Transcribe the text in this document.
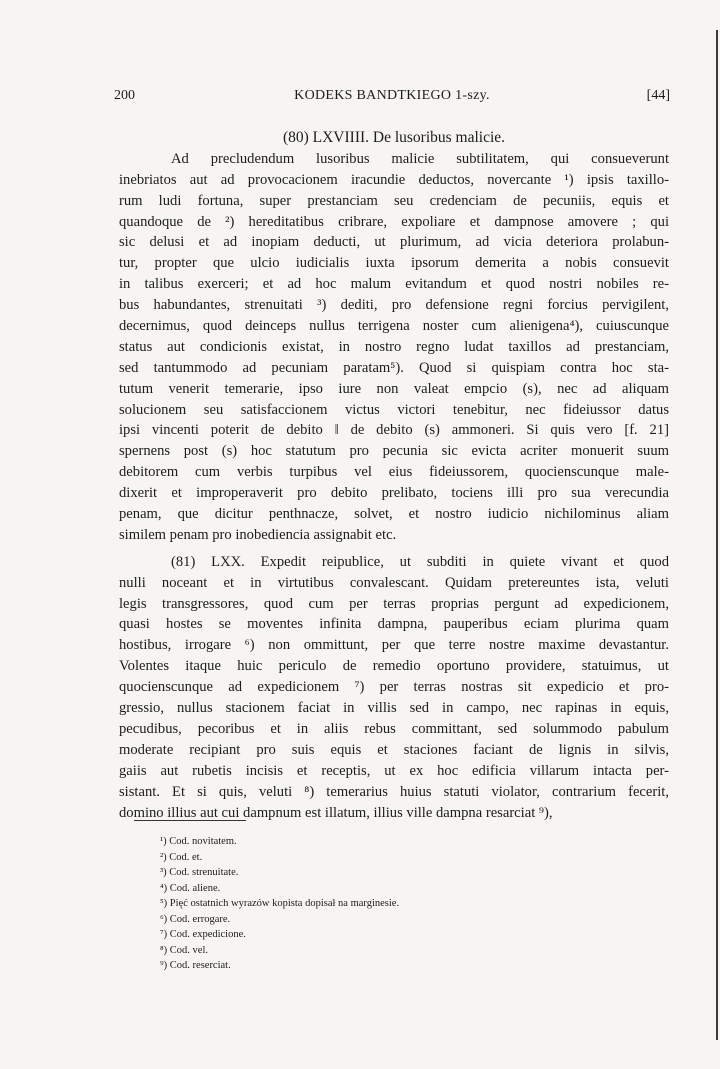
200	KODEKS BANDTKIEGO 1-szy.	[44]
(80) LXVIIII. De lusoribus malicie.
Ad precludendum lusoribus malicie subtilitatem, qui consueverunt
inebriatos aut ad provocacionem iracundie deductos, novercante ¹) ipsis taxillo-
rum ludi fortuna, super prestanciam seu credenciam de pecuniis, equis et
quandoque de ²) hereditatibus cribrare, expoliare et dampnose amovere ; qui
sic delusi et ad inopiam deducti, ut plurimum, ad vicia deteriora prolabun-
tur, propter que ulcio iudicialis iuxta ipsorum demerita a nobis consuevit
in talibus exerceri; et ad hoc malum evitandum et quod nostri nobiles re-
bus habundantes, strenuitati ³) dediti, pro defensione regni forcius pervigilent,
decernimus, quod deinceps nullus terrigena noster cum alienigena⁴), cuiuscunque
status aut condicionis existat, in nostro regno ludat taxillos ad prestanciam,
sed tantummodo ad pecuniam paratam⁵). Quod si quispiam contra hoc sta-
tutum venerit temerarie, ipso iure non valeat empcio (s), nec ad aliquam
solucionem seu satisfaccionem victus victori tenebitur, nec fideiussor datus
ipsi vincenti poterit de debito ‖ de debito (s) ammoneri. Si quis vero [f. 21]
spernens post (s) hoc statutum pro pecunia sic evicta acriter monuerit suum
debitorem cum verbis turpibus vel eius fideiussorem, quocienscunque male-
dixerit et improperaverit pro debito prelibato, tociens illi pro sua verecundia
penam, que dicitur penthnacze, solvet, et nostro iudicio nichilominus aliam
similem penam pro inobediencia assignabit etc.
(81) LXX. Expedit reipublice, ut subditi in quiete vivant et quod
nulli noceant et in virtutibus convalescant. Quidam pretereuntes ista, veluti
legis transgressores, quod cum per terras proprias pergunt ad expedicionem,
quasi hostes se moventes infinita dampna, pauperibus eciam plurima quam
hostibus, irrogare ⁶) non ommittunt, per que terre nostre maxime devastantur.
Volentes itaque huic periculo de remedio oportuno providere, statuimus, ut
quocienscunque ad expedicionem ⁷) per terras nostras sit expedicio et pro-
gressio, nullus stacionem faciat in villis sed in campo, nec rapinas in equis,
pecudibus, pecoribus et in aliis rebus committant, sed solummodo pabulum
moderate recipiant pro suis equis et staciones faciant de lignis in silvis,
gaiis aut rubetis incisis et receptis, ut ex hoc edificia villarum intacta per-
sistant. Et si quis, veluti ⁸) temerarius huius statuti violator, contrarium fecerit,
domino illius aut cui dampnum est illatum, illius ville dampna resarciat ⁹),
¹) Cod. novitatem.
²) Cod. et.
³) Cod. strenuitate.
⁴) Cod. aliene.
⁵) Pięć ostatnich wyrazów kopista dopisał na marginesie.
⁶) Cod. errogare.
⁷) Cod. expedicione.
⁸) Cod. vel.
⁹) Cod. reserciat.
